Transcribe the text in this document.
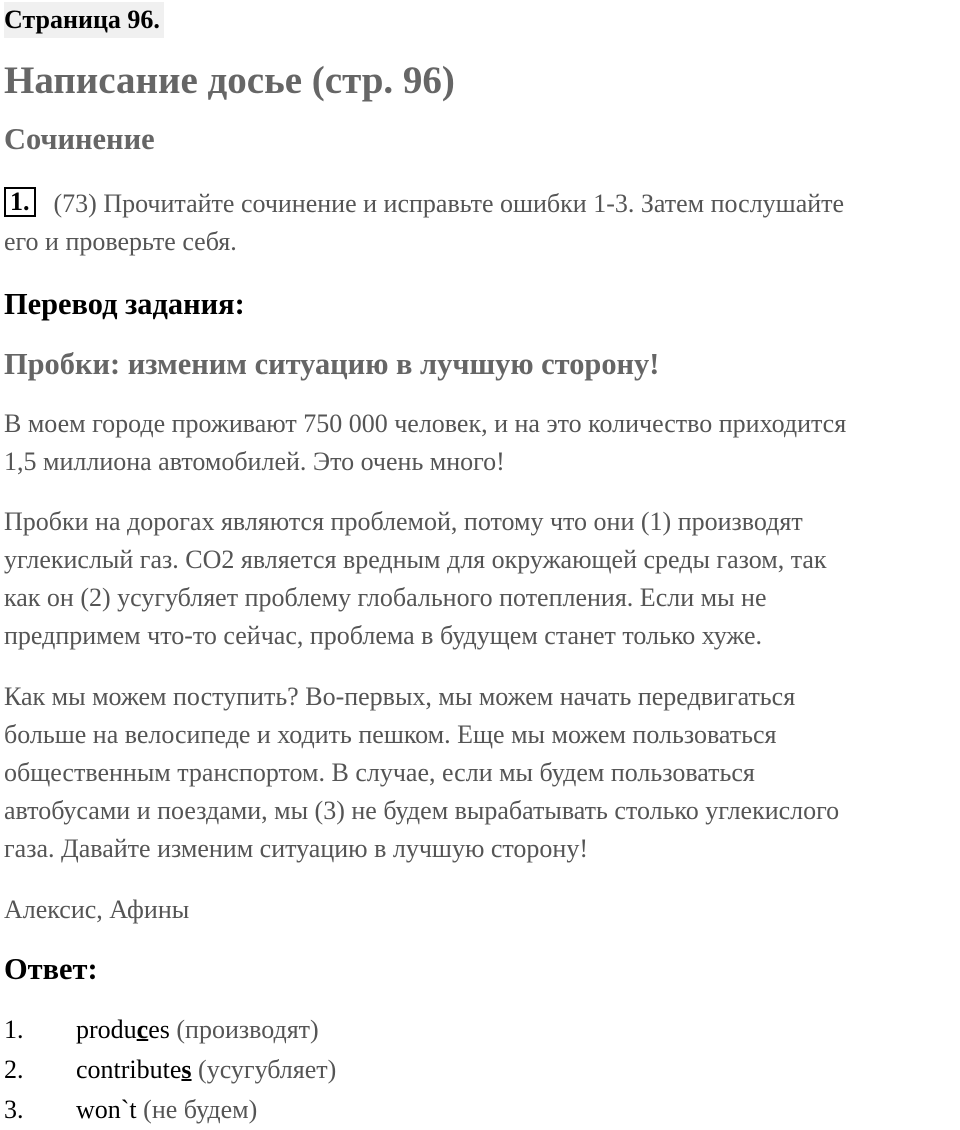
Страница 96.
Написание досье (стр. 96)
Сочинение

1. (73) Прочитайте сочинение и исправьте ошибки 1-3. Затем послушайте
его и проверьте себя.

Перевод задания:
Пробки: изменим ситуацию в лучшую сторону!

В моем городе проживают 750 000 человек, и на это количество приходится
1,5 миллиона автомобилей. Это очень много!

Пробки на дорогах являются проблемой, потому что они (1) производят
углекислый газ. СО2 является вредным для окружающей среды газом, так
как он (2) усугубляет проблему глобального потепления. Если мы не
предпримем что-то сейчас, проблема в будущем станет только хуже.

Как мы можем поступить? Во-первых, мы можем начать передвигаться
больше на велосипеде и ходить пешком. Еще мы можем пользоваться
общественным транспортом. В случае, если мы будем пользоваться
автобусами и поездами, мы (3) не будем вырабатывать столько углекислого
газа. Давайте изменим ситуацию в лучшую сторону!

Алексис, Афины

Ответ:
1. produces (производят)
2. contributes (усугубляет)
3. won`t (не будем)
